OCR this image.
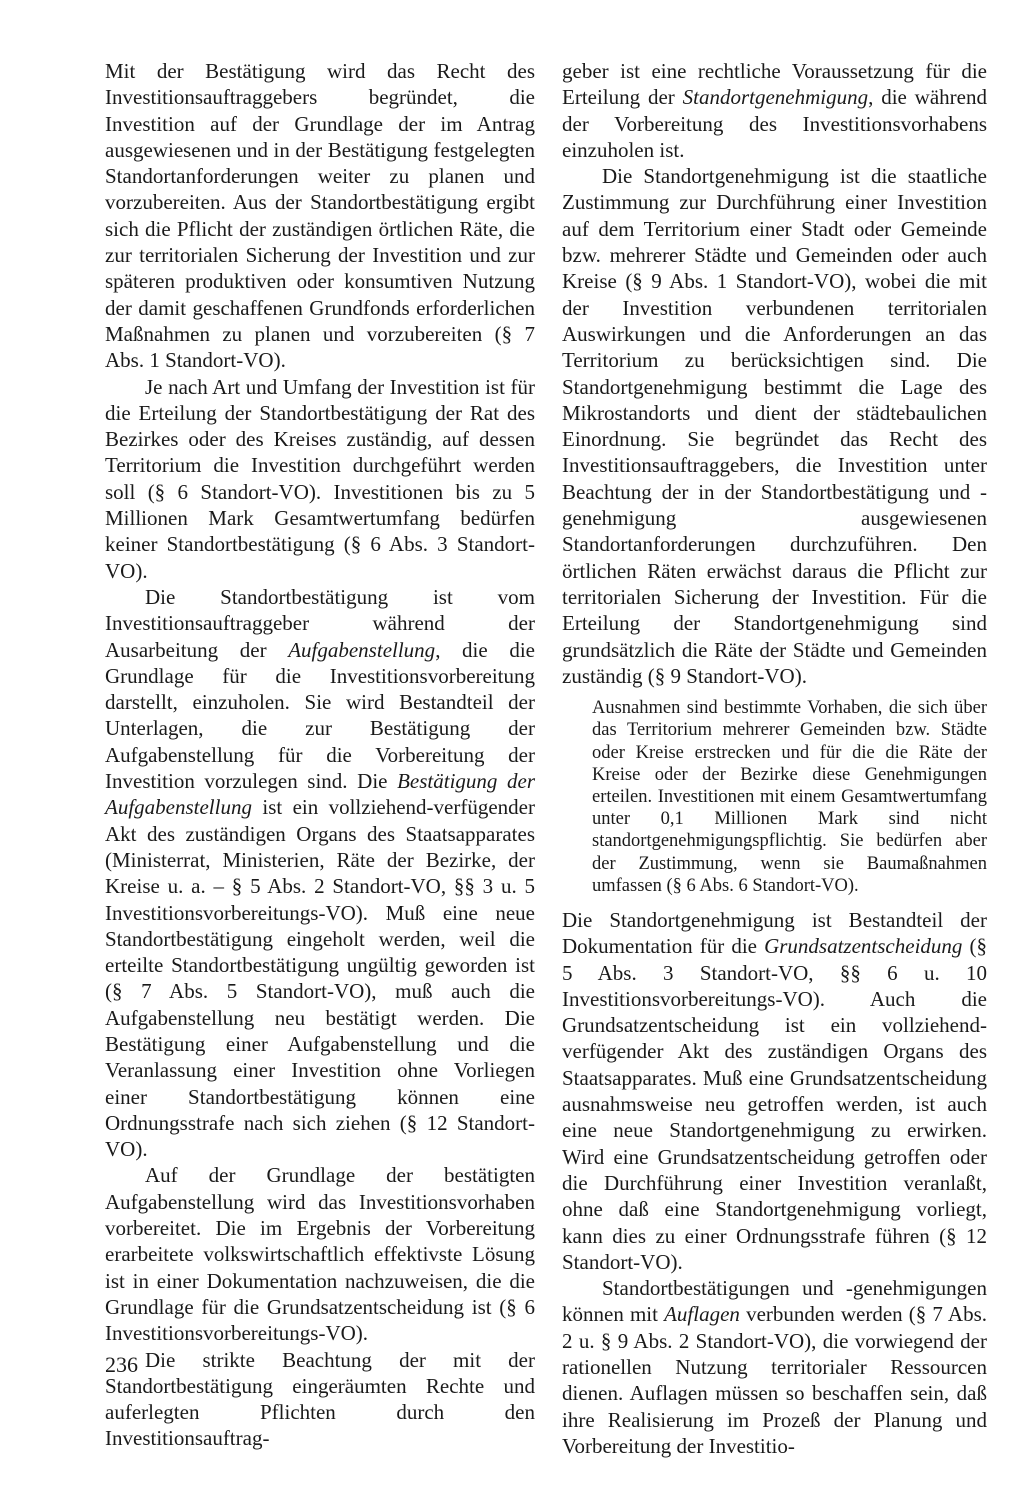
Mit der Bestätigung wird das Recht des Investitionsauftraggebers begründet, die Investition auf der Grundlage der im Antrag ausgewiesenen und in der Bestätigung festgelegten Standortanforderungen weiter zu planen und vorzubereiten. Aus der Standortbestätigung ergibt sich die Pflicht der zuständigen örtlichen Räte, die zur territorialen Sicherung der Investition und zur späteren produktiven oder konsumtiven Nutzung der damit geschaffenen Grundfonds erforderlichen Maßnahmen zu planen und vorzubereiten (§ 7 Abs. 1 Standort-VO).

Je nach Art und Umfang der Investition ist für die Erteilung der Standortbestätigung der Rat des Bezirkes oder des Kreises zuständig, auf dessen Territorium die Investition durchgeführt werden soll (§ 6 Standort-VO). Investitionen bis zu 5 Millionen Mark Gesamtwertumfang bedürfen keiner Standortbestätigung (§ 6 Abs. 3 Standort-VO).

Die Standortbestätigung ist vom Investitionsauftraggeber während der Ausarbeitung der Aufgabenstellung, die die Grundlage für die Investitionsvorbereitung darstellt, einzuholen. Sie wird Bestandteil der Unterlagen, die zur Bestätigung der Aufgabenstellung für die Vorbereitung der Investition vorzulegen sind. Die Bestätigung der Aufgabenstellung ist ein vollziehend-verfügender Akt des zuständigen Organs des Staatsapparates (Ministerrat, Ministerien, Räte der Bezirke, der Kreise u. a. – § 5 Abs. 2 Standort-VO, §§ 3 u. 5 Investitionsvorbereitungs-VO). Muß eine neue Standortbestätigung eingeholt werden, weil die erteilte Standortbestätigung ungültig geworden ist (§ 7 Abs. 5 Standort-VO), muß auch die Aufgabenstellung neu bestätigt werden. Die Bestätigung einer Aufgabenstellung und die Veranlassung einer Investition ohne Vorliegen einer Standortbestätigung können eine Ordnungsstrafe nach sich ziehen (§ 12 Standort-VO).

Auf der Grundlage der bestätigten Aufgabenstellung wird das Investitionsvorhaben vorbereitet. Die im Ergebnis der Vorbereitung erarbeitete volkswirtschaftlich effektivste Lösung ist in einer Dokumentation nachzuweisen, die die Grundlage für die Grundsatzentscheidung ist (§ 6 Investitionsvorbereitungs-VO).

Die strikte Beachtung der mit der Standortbestätigung eingeräumten Rechte und auferlegten Pflichten durch den Investitionsauftrag-

geber ist eine rechtliche Voraussetzung für die Erteilung der Standortgenehmigung, die während der Vorbereitung des Investitionsvorhabens einzuholen ist.

Die Standortgenehmigung ist die staatliche Zustimmung zur Durchführung einer Investition auf dem Territorium einer Stadt oder Gemeinde bzw. mehrerer Städte und Gemeinden oder auch Kreise (§ 9 Abs. 1 Standort-VO), wobei die mit der Investition verbundenen territorialen Auswirkungen und die Anforderungen an das Territorium zu berücksichtigen sind. Die Standortgenehmigung bestimmt die Lage des Mikrostandorts und dient der städtebaulichen Einordnung. Sie begründet das Recht des Investitionsauftraggebers, die Investition unter Beachtung der in der Standortbestätigung und -genehmigung ausgewiesenen Standortanforderungen durchzuführen. Den örtlichen Räten erwächst daraus die Pflicht zur territorialen Sicherung der Investition. Für die Erteilung der Standortgenehmigung sind grundsätzlich die Räte der Städte und Gemeinden zuständig (§ 9 Standort-VO).

Ausnahmen sind bestimmte Vorhaben, die sich über das Territorium mehrerer Gemeinden bzw. Städte oder Kreise erstrecken und für die die Räte der Kreise oder der Bezirke diese Genehmigungen erteilen. Investitionen mit einem Gesamtwertumfang unter 0,1 Millionen Mark sind nicht standortgenehmigungspflichtig. Sie bedürfen aber der Zustimmung, wenn sie Baumaßnahmen umfassen (§ 6 Abs. 6 Standort-VO).

Die Standortgenehmigung ist Bestandteil der Dokumentation für die Grundsatzentscheidung (§ 5 Abs. 3 Standort-VO, §§ 6 u. 10 Investitionsvorbereitungs-VO). Auch die Grundsatzentscheidung ist ein vollziehend-verfügender Akt des zuständigen Organs des Staatsapparates. Muß eine Grundsatzentscheidung ausnahmsweise neu getroffen werden, ist auch eine neue Standortgenehmigung zu erwirken. Wird eine Grundsatzentscheidung getroffen oder die Durchführung einer Investition veranlaßt, ohne daß eine Standortgenehmigung vorliegt, kann dies zu einer Ordnungsstrafe führen (§ 12 Standort-VO).

Standortbestätigungen und -genehmigungen können mit Auflagen verbunden werden (§ 7 Abs. 2 u. § 9 Abs. 2 Standort-VO), die vorwiegend der rationellen Nutzung territorialer Ressourcen dienen. Auflagen müssen so beschaffen sein, daß ihre Realisierung im Prozeß der Planung und Vorbereitung der Investitio-

236
